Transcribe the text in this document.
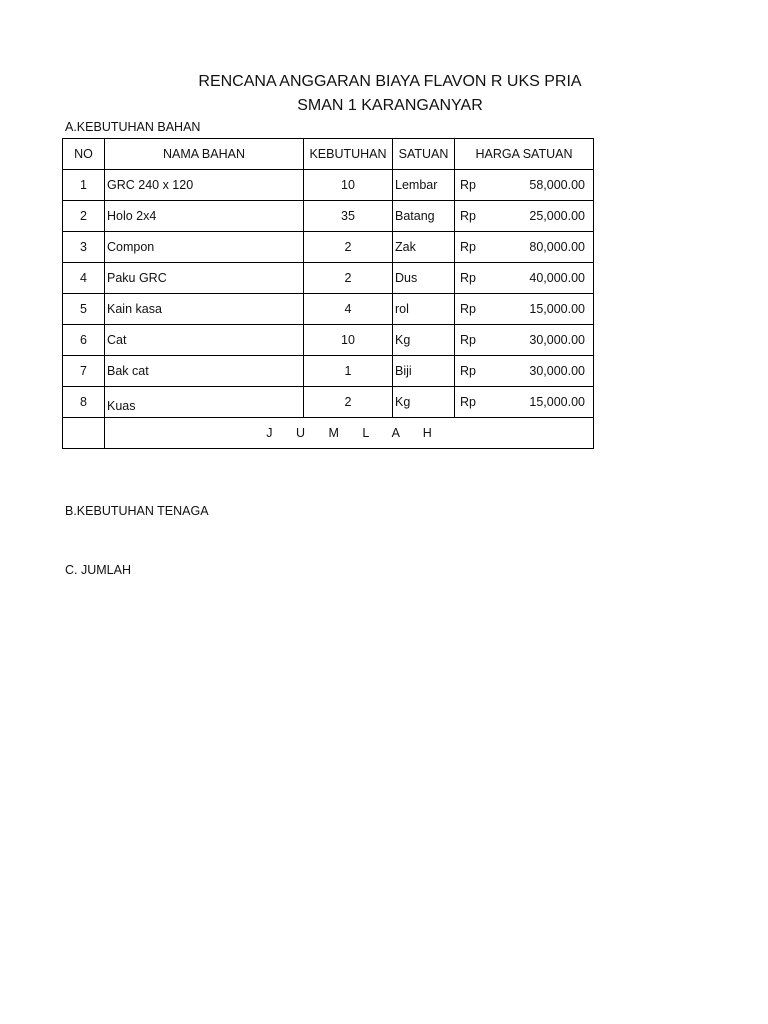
RENCANA ANGGARAN BIAYA FLAVON R UKS PRIA
SMAN 1 KARANGANYAR
A.KEBUTUHAN BAHAN
NO	NAMA BAHAN	KEBUTUHAN	SATUAN	HARGA SATUAN
1	GRC 240 x 120	10	Lembar	Rp 58,000.00

2	Holo 2x4	35	Batang	Rp 25,000.00

3	Compon	2	Zak	Rp 80,000.00

4	Paku GRC	2	Dus	Rp 40,000.00

5	Kain kasa	4	rol	Rp 15,000.00

6	Cat	10	Kg	Rp 30,000.00

7	Bak cat	1	Biji	Rp 30,000.00

8	Kuas	2	Kg	Rp 15,000.00

	J U M L A H			
B.KEBUTUHAN TENAGA
C. JUMLAH
